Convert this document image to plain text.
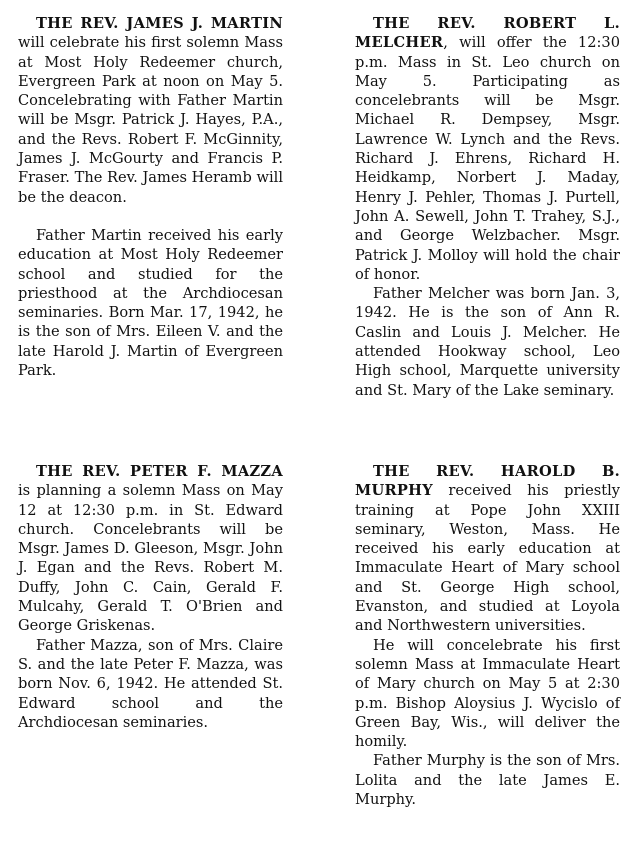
THE REV. JAMES J. MARTIN will celebrate his first solemn Mass at Most Holy Redeemer church, Evergreen Park at noon on May 5. Concelebrating with Father Martin will be Msgr. Patrick J. Hayes, P.A., and the Revs. Robert F. McGinnity, James J. McGourty and Francis P. Fraser. The Rev. James Heramb will be the deacon.

Father Martin received his early education at Most Holy Redeemer school and studied for the priesthood at the Archdiocesan seminaries. Born Mar. 17, 1942, he is the son of Mrs. Eileen V. and the late Harold J. Martin of Evergreen Park.

THE REV. ROBERT L. MELCHER, will offer the 12:30 p.m. Mass in St. Leo church on May 5. Participating as concelebrants will be Msgr. Michael R. Dempsey, Msgr. Lawrence W. Lynch and the Revs. Richard J. Ehrens, Richard H. Heidkamp, Norbert J. Maday, Henry J. Pehler, Thomas J. Purtell, John A. Sewell, John T. Trahey, S.J., and George Welzbacher. Msgr. Patrick J. Molloy will hold the chair of honor.

Father Melcher was born Jan. 3, 1942. He is the son of Ann R. Caslin and Louis J. Melcher. He attended Hookway school, Leo High school, Marquette university and St. Mary of the Lake seminary.

THE REV. PETER F. MAZZA is planning a solemn Mass on May 12 at 12:30 p.m. in St. Edward church. Concelebrants will be Msgr. James D. Gleeson, Msgr. John J. Egan and the Revs. Robert M. Duffy, John C. Cain, Gerald F. Mulcahy, Gerald T. O'Brien and George Griskenas.

Father Mazza, son of Mrs. Claire S. and the late Peter F. Mazza, was born Nov. 6, 1942. He attended St. Edward school and the Archdiocesan seminaries.

THE REV. HAROLD B. MURPHY received his priestly training at Pope John XXIII seminary, Weston, Mass. He received his early education at Immaculate Heart of Mary school and St. George High school, Evanston, and studied at Loyola and Northwestern universities.

He will concelebrate his first solemn Mass at Immaculate Heart of Mary church on May 5 at 2:30 p.m. Bishop Aloysius J. Wycislo of Green Bay, Wis., will deliver the homily.

Father Murphy is the son of Mrs. Lolita and the late James E. Murphy.
